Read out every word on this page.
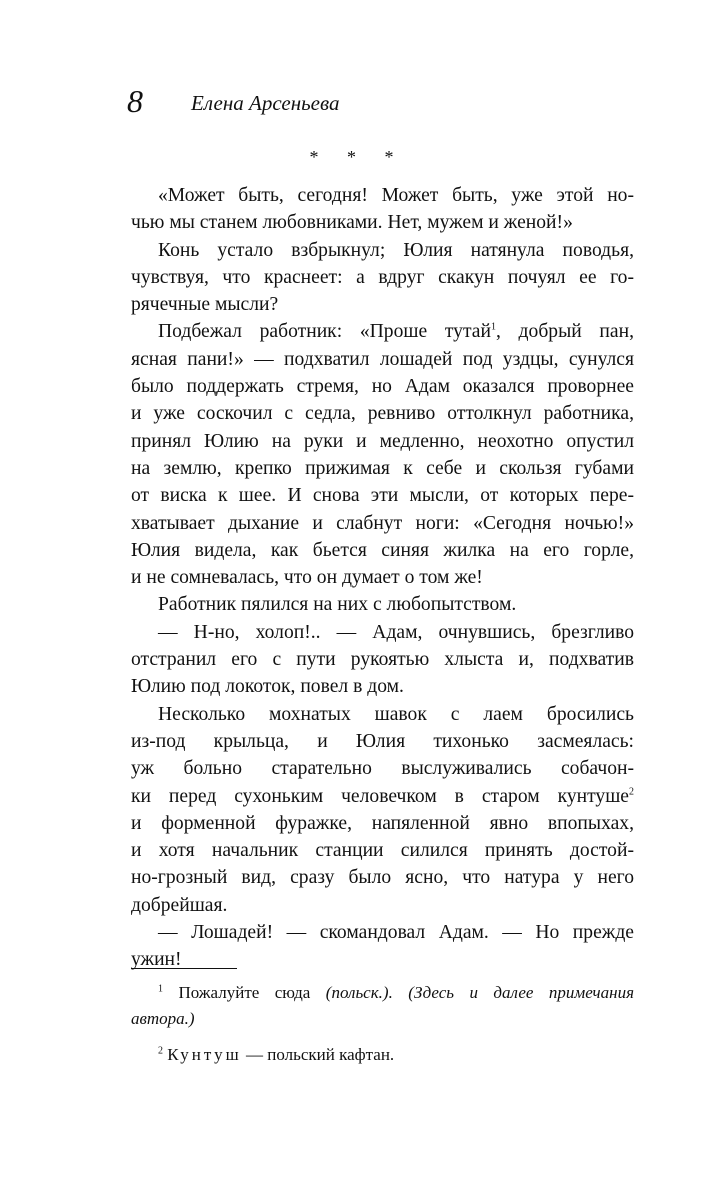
8 Елена Арсеньева
* * *
«Может быть, сегодня! Может быть, уже этой но-
чью мы станем любовниками. Нет, мужем и женой!»
Конь устало взбрыкнул; Юлия натянула поводья,
чувствуя, что краснеет: а вдруг скакун почуял ее го-
рячечные мысли?
Подбежал работник: «Проше тутай$^1$, добрый пан,
ясная пани!» — подхватил лошадей под уздцы, сунулся
было поддержать стремя, но Адам оказался проворнее
и уже соскочил с седла, ревниво оттолкнул работника,
принял Юлию на руки и медленно, неохотно опустил
на землю, крепко прижимая к себе и скользя губами
от виска к шее. И снова эти мысли, от которых пере-
хватывает дыхание и слабнут ноги: «Сегодня ночью!»
Юлия видела, как бьется синяя жилка на его горле,
и не сомневалась, что он думает о том же!
Работник пялился на них с любопытством.
— Н-но, холоп!.. — Адам, очнувшись, брезгливо
отстранил его с пути рукоятью хлыста и, подхватив
Юлию под локоток, повел в дом.
Несколько мохнатых шавок с лаем бросились
из-под крыльца, и Юлия тихонько засмеялась:
уж больно старательно выслуживались собачон-
ки перед сухоньким человечком в старом кунтуше$^2$
и форменной фуражке, напяленной явно впопыхах,
и хотя начальник станции силился принять достой-
но-грозный вид, сразу было ясно, что натура у него
добрейшая.
— Лошадей! — скомандовал Адам. — Но прежде
ужин!
$^1$ Пожалуйте сюда (польск.). (Здесь и далее примечания
автора.)
$^2$ Кунтуш — польский кафтан.
